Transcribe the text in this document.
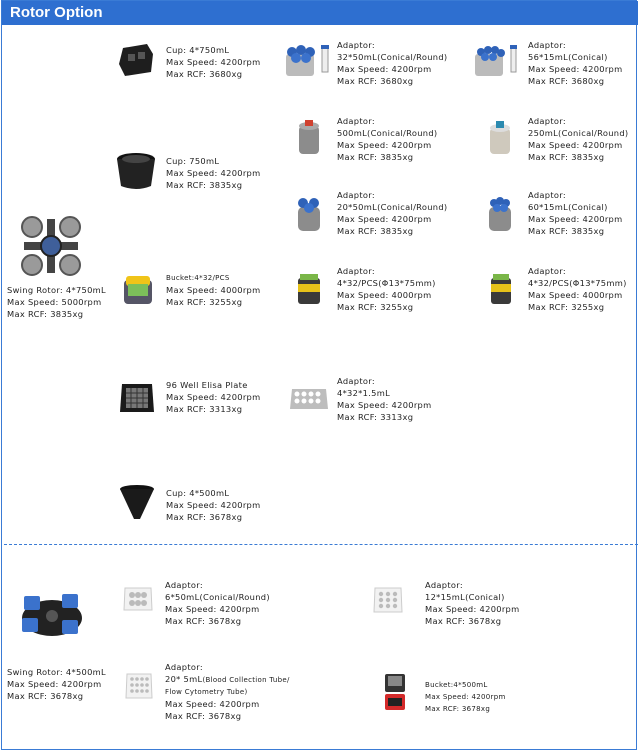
Rotor Option
Swing Rotor: 4*750mL
Max Speed: 5000rpm
Max RCF: 3835xg
Cup: 4*750mL
Max Speed: 4200rpm
Max RCF: 3680xg
Cup: 750mL
Max Speed: 4200rpm
Max RCF: 3835xg
Bucket:4*32/PCS
Max Speed: 4000rpm
Max RCF: 3255xg
96 Well Elisa Plate
Max Speed: 4200rpm
Max RCF: 3313xg
Cup: 4*500mL
Max Speed: 4200rpm
Max RCF: 3678xg
Adaptor:
32*50mL(Conical/Round)
Max Speed: 4200rpm
Max RCF: 3680xg
Adaptor:
500mL(Conical/Round)
Max Speed: 4200rpm
Max RCF: 3835xg
Adaptor:
20*50mL(Conical/Round)
Max Speed: 4200rpm
Max RCF: 3835xg
Adaptor:
4*32/PCS(Φ13*75mm)
Max Speed: 4000rpm
Max RCF: 3255xg
Adaptor:
4*32*1.5mL
Max Speed: 4200rpm
Max RCF: 3313xg
Adaptor:
56*15mL(Conical)
Max Speed: 4200rpm
Max RCF: 3680xg
Adaptor:
250mL(Conical/Round)
Max Speed: 4200rpm
Max RCF: 3835xg
Adaptor:
60*15mL(Conical)
Max Speed: 4200rpm
Max RCF: 3835xg
Adaptor:
4*32/PCS(Φ13*75mm)
Max Speed: 4000rpm
Max RCF: 3255xg
Swing Rotor: 4*500mL
Max Speed: 4200rpm
Max RCF: 3678xg
Adaptor:
6*50mL(Conical/Round)
Max Speed: 4200rpm
Max RCF: 3678xg
Adaptor:
12*15mL(Conical)
Max Speed: 4200rpm
Max RCF: 3678xg
Adaptor:
20* 5mL(Blood Collection Tube/
Flow Cytometry Tube)
Max Speed: 4200rpm
Max RCF: 3678xg
Bucket:4*500mL
Max Speed: 4200rpm
Max RCF: 3678xg
